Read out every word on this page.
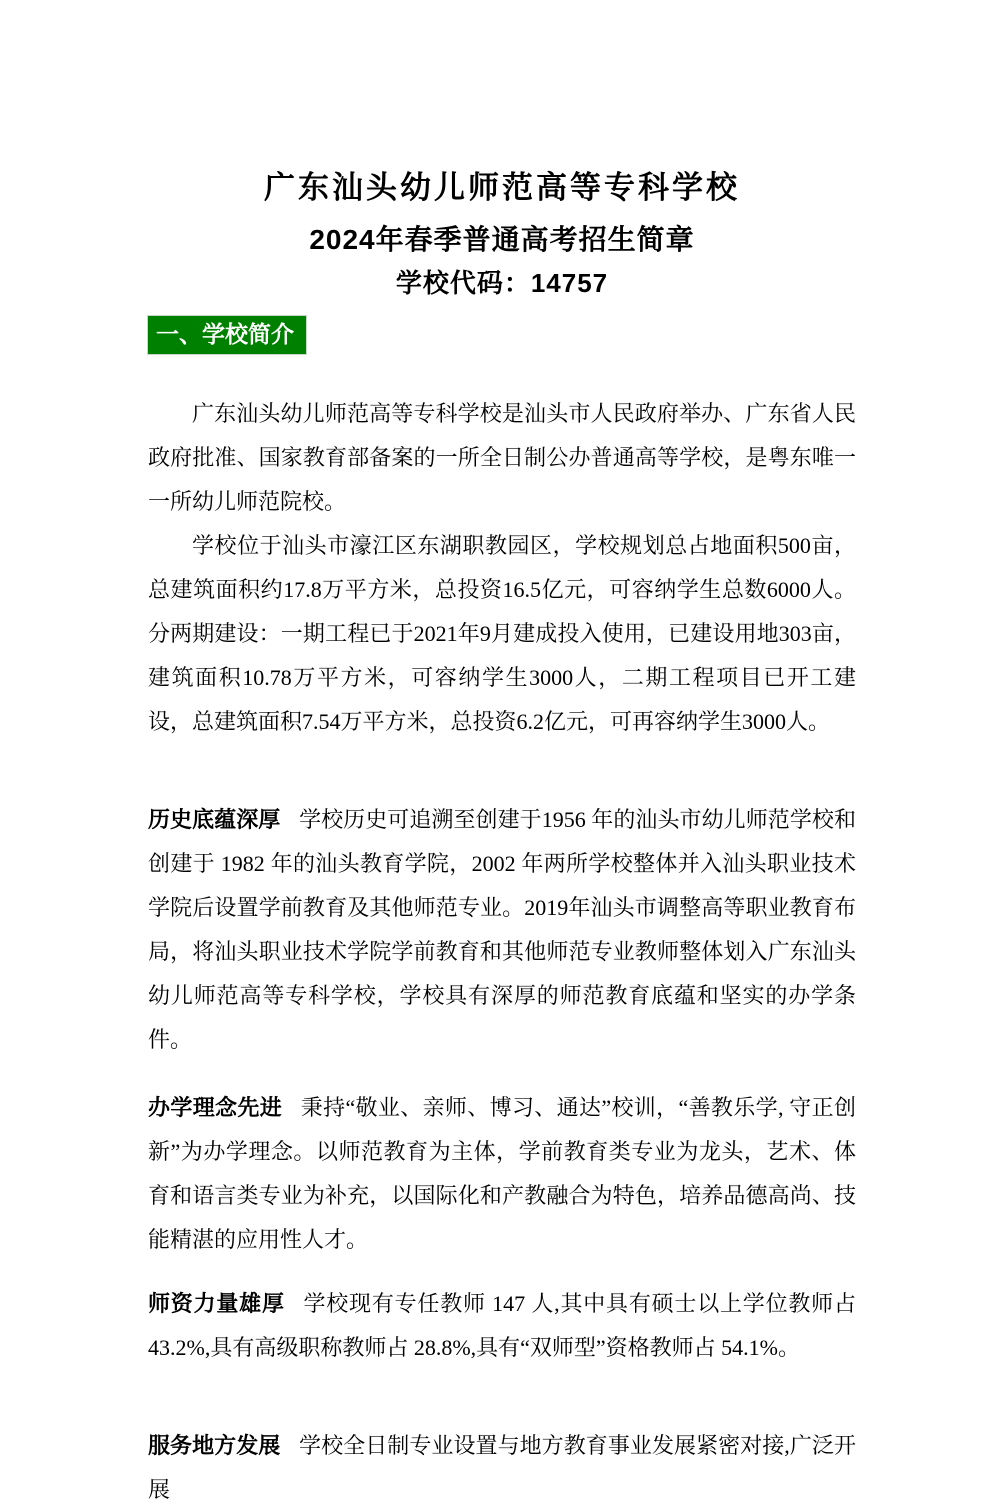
广东汕头幼儿师范高等专科学校
2024年春季普通高考招生简章
学校代码：14757
一、学校简介

广东汕头幼儿师范高等专科学校是汕头市人民政府举办、广东省人民政府批准、国家教育部备案的一所全日制公办普通高等学校，是粤东唯一一所幼儿师范院校。

学校位于汕头市濠江区东湖职教园区，学校规划总占地面积500亩，总建筑面积约17.8万平方米，总投资16.5亿元，可容纳学生总数6000人。分两期建设：一期工程已于2021年9月建成投入使用，已建设用地303亩，建筑面积10.78万平方米，可容纳学生3000人，二期工程项目已开工建设，总建筑面积7.54万平方米，总投资6.2亿元，可再容纳学生3000人。

历史底蕴深厚 学校历史可追溯至创建于1956 年的汕头市幼儿师范学校和创建于 1982 年的汕头教育学院，2002 年两所学校整体并入汕头职业技术学院后设置学前教育及其他师范专业。2019年汕头市调整高等职业教育布局，将汕头职业技术学院学前教育和其他师范专业教师整体划入广东汕头幼儿师范高等专科学校，学校具有深厚的师范教育底蕴和坚实的办学条件。

办学理念先进 秉持“敬业、亲师、博习、通达”校训，“善教乐学, 守正创新”为办学理念。以师范教育为主体，学前教育类专业为龙头，艺术、体育和语言类专业为补充，以国际化和产教融合为特色，培养品德高尚、技能精湛的应用性人才。

师资力量雄厚 学校现有专任教师 147 人,其中具有硕士以上学位教师占 43.2%,具有高级职称教师占 28.8%,具有“双师型”资格教师占 54.1%。

服务地方发展 学校全日制专业设置与地方教育事业发展紧密对接,广泛开展
